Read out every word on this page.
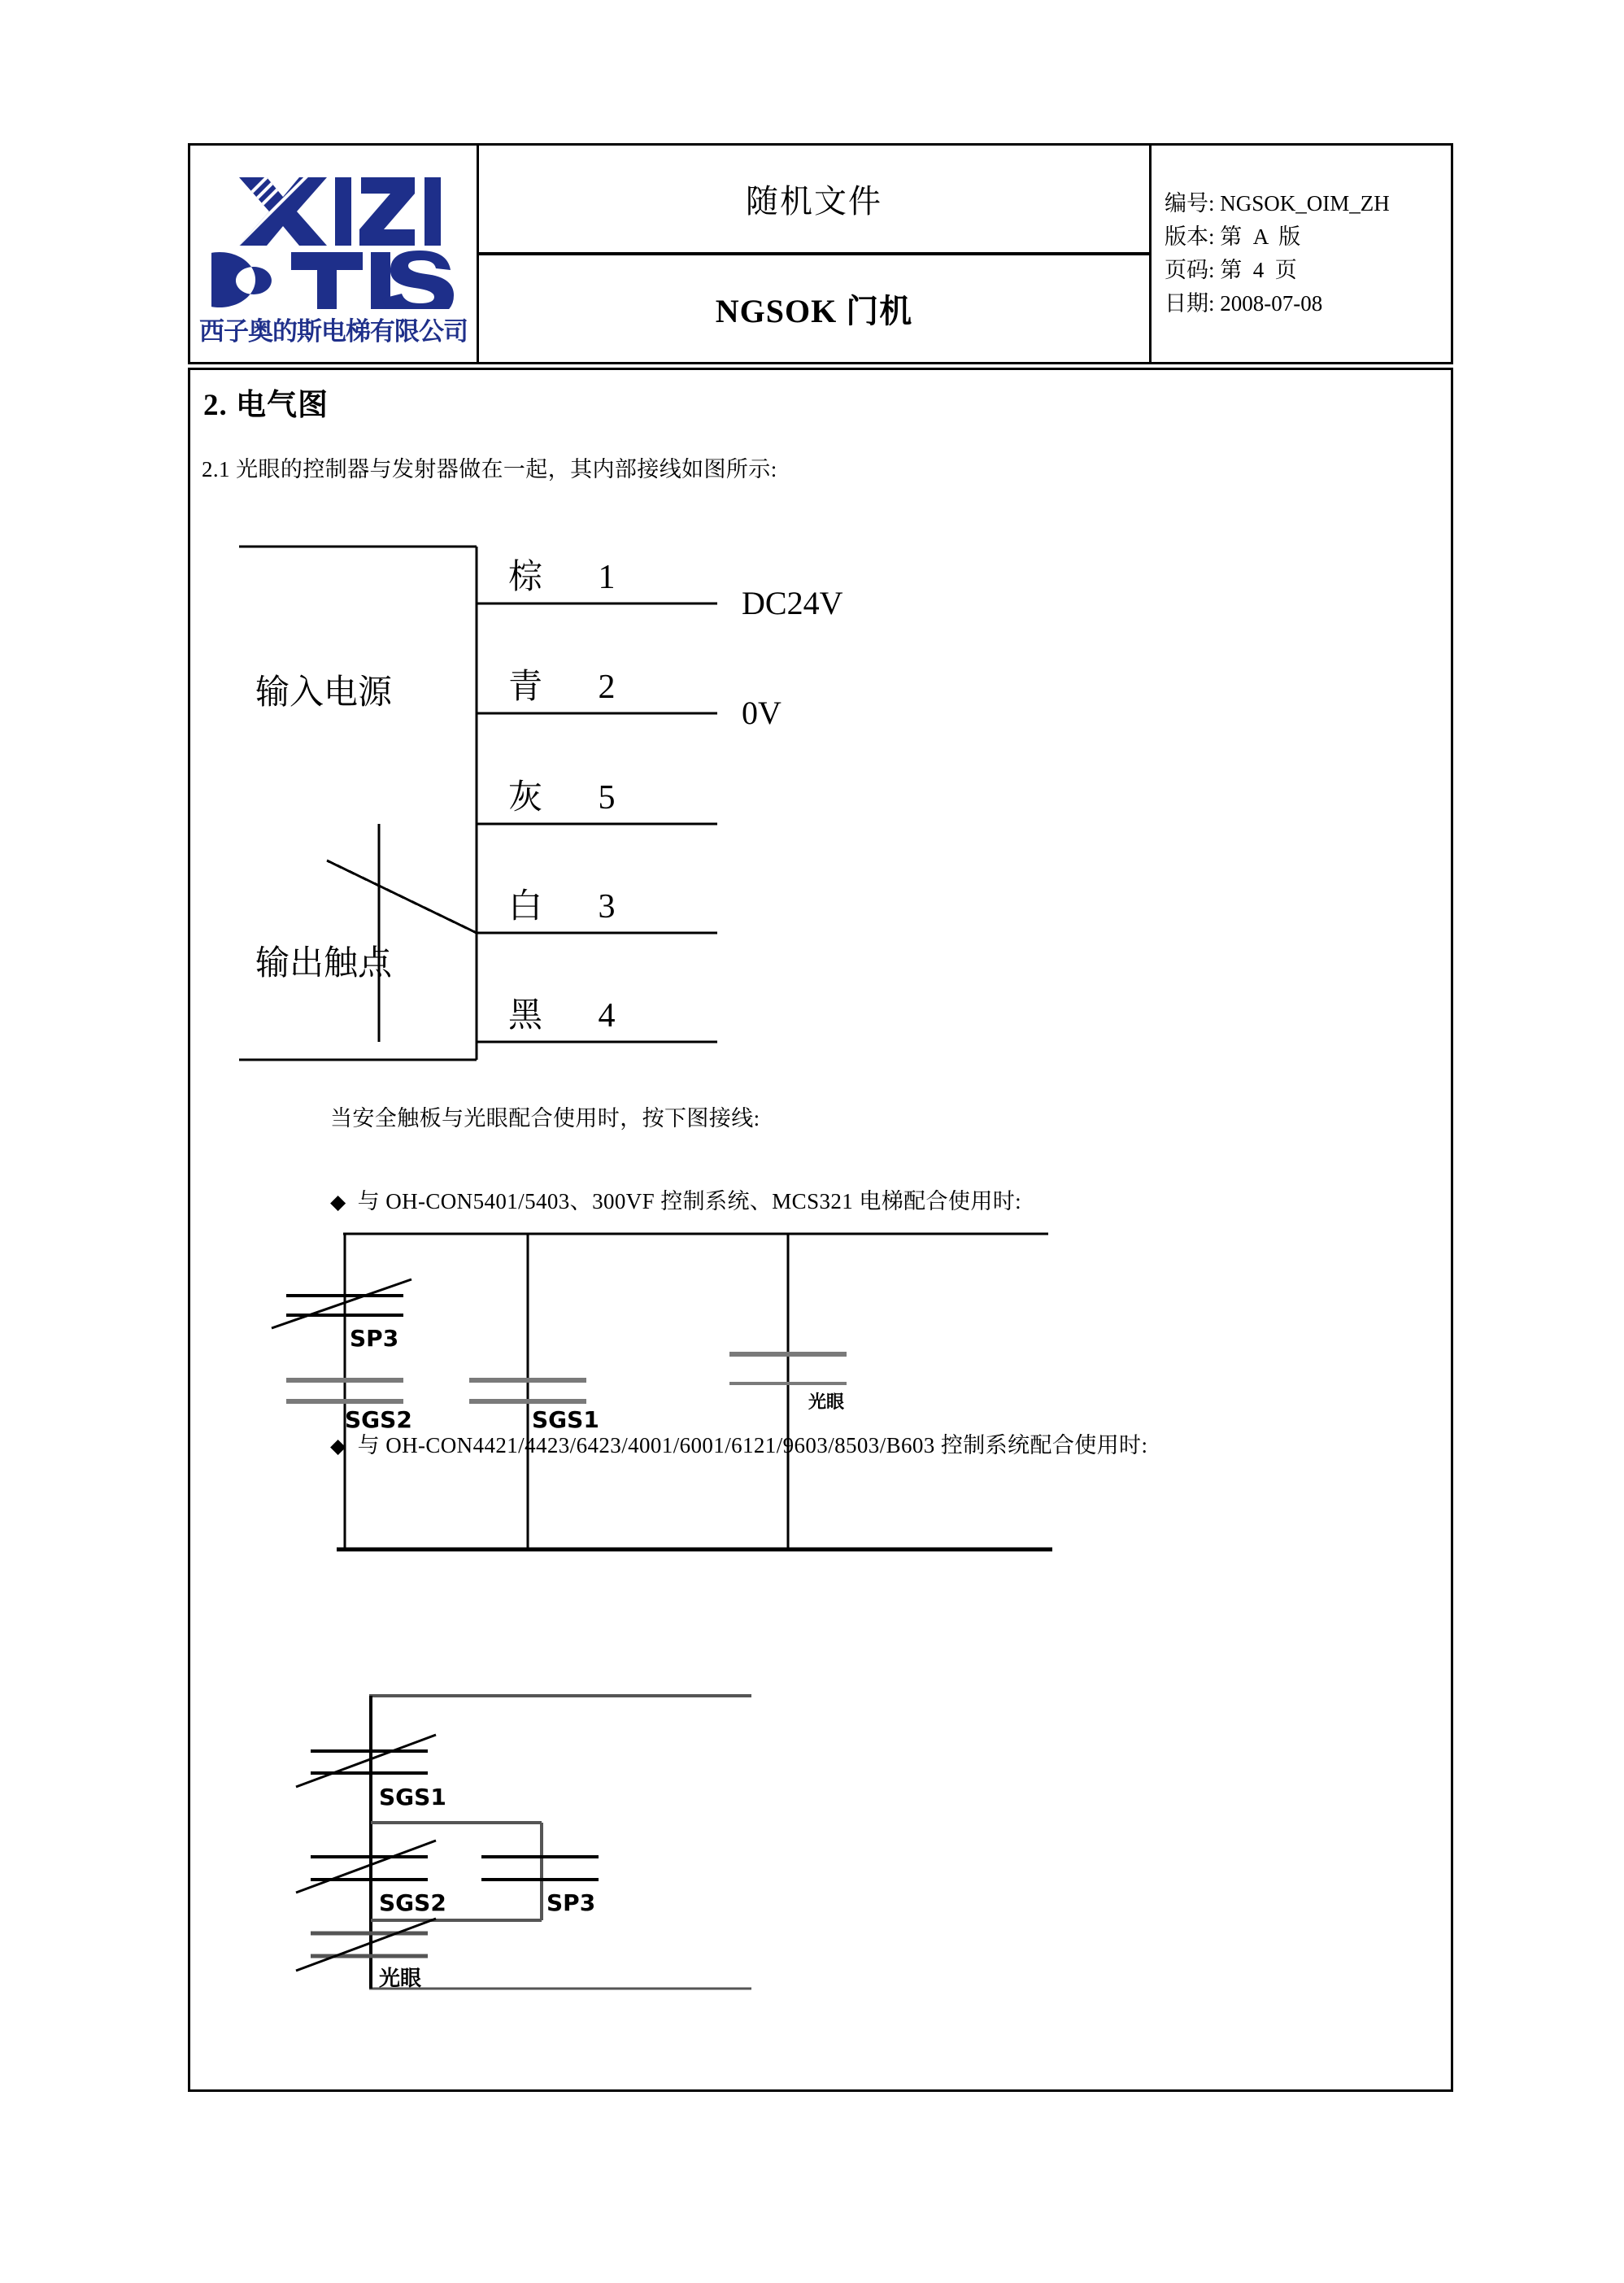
西子奥的斯电梯有限公司
随机文件
NGSOK 门机
编号: NGSOK_OIM_ZH
版本: 第  A  版
页码: 第  4  页
日期: 2008-07-08
2. 电气图
2.1 光眼的控制器与发射器做在一起，其内部接线如图所示:
输入电源
输出触点
棕
青
灰
白
黑
1
2
5
3
4
DC24V
0V
当安全触板与光眼配合使用时，按下图接线:
◆ 与 OH-CON5401/5403、300VF 控制系统、MCS321 电梯配合使用时:
SP3
SGS2	SGS1
光眼
◆ 与 OH-CON4421/4423/6423/4001/6001/6121/9603/8503/B603 控制系统配合使用时:
SGS1
SGS2	SP3
光眼
